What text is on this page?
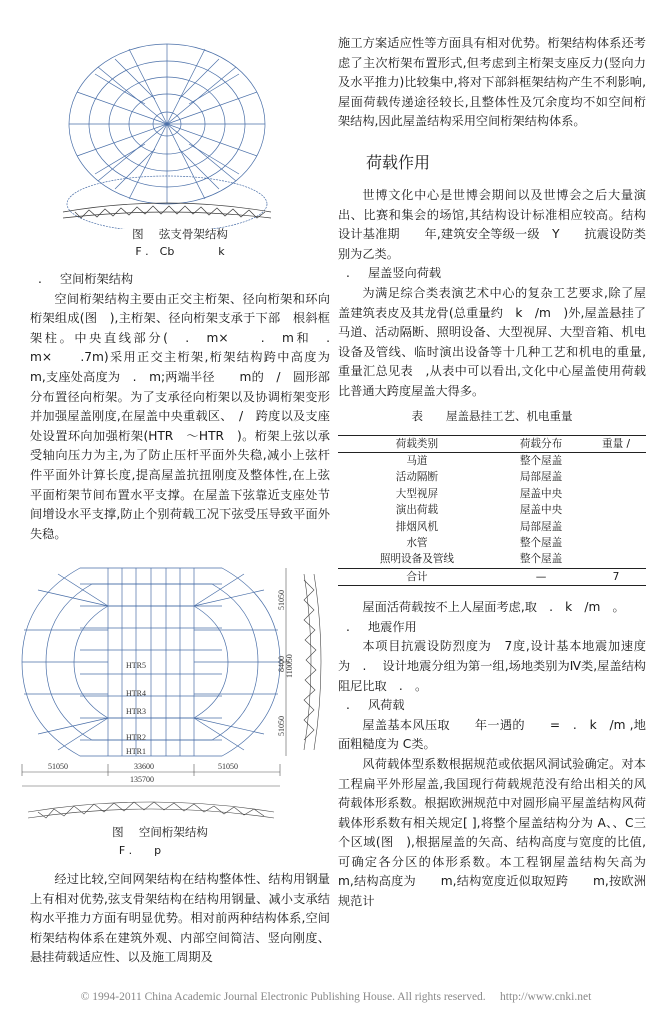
图　 弦支骨架结构
F .　Cb　　　　k

. 空间桁架结构

空间桁架结构主要由正交主桁架、径向桁架和环向桁架组成(图　),主桁架、径向桁架支承于下部　根斜框架柱。中央直线部分(　.　m×　　.　m和　.　m×　　.7m)采用正交主桁架,桁架结构跨中高度为　m,支座处高度为　.　m;两端半径　　m的　/　圆形部分布置径向桁架。为了支承径向桁架以及协调桁架变形并加强屋盖刚度,在屋盖中央重载区、　/　跨度以及支座处设置环向加强桁架(HTR　～HTR　)。桁架上弦以承受轴向压力为主,为了防止压杆平面外失稳,减小上弦杆件平面外计算长度,提高屋盖抗扭刚度及整体性,在上弦平面桁架节间布置水平支撑。在屋盖下弦靠近支座处节间增设水平支撑,防止个别荷载工况下弦受压导致平面外失稳。

HTR5
HTR4
HTR3
HTR2
HTR1
51050	33600	51050
135700
51050
8400 110050
51050
图　 空间桁架结构
F .　　p

经过比较,空间网架结构在结构整体性、结构用钢量上有相对优势,弦支骨架结构在结构用钢量、减小支承结构水平推力方面有明显优势。相对前两种结构体系,空间桁架结构体系在建筑外观、内部空间简洁、竖向刚度、悬挂荷载适应性、以及施工周期及

施工方案适应性等方面具有相对优势。桁架结构体系还考虑了主次桁架布置形式,但考虑到主桁架支座反力(竖向力及水平推力)比较集中,将对下部斜框架结构产生不利影响,屋面荷载传递途径较长,且整体性及冗余度均不如空间桁架结构,因此屋盖结构采用空间桁架结构体系。

荷载作用

世博文化中心是世博会期间以及世博会之后大量演出、比赛和集会的场馆,其结构设计标准相应较高。结构设计基准期　　年,建筑安全等级一级　Y　　抗震设防类别为乙类。

. 屋盖竖向荷载

为满足综合类表演艺术中心的复杂工艺要求,除了屋盖建筑表皮及其龙骨(总重量约　k　/m　)外,屋盖悬挂了马道、活动隔断、照明设备、大型视屏、大型音箱、机电设备及管线、临时演出设备等十几种工艺和机电的重量,重量汇总见表　,从表中可以看出,文化中心屋盖使用荷载比普通大跨度屋盖大得多。

表　　屋盖悬挂工艺、机电重量
荷载类别	荷载分布	重量 /
马道	整个屋盖	
活动隔断	局部屋盖	
大型视屏	屋盖中央	
演出荷载	屋盖中央	
排烟风机	局部屋盖	
水管	整个屋盖	
照明设备及管线	整个屋盖	
合计	—	7

屋面活荷载按不上人屋面考虑,取　.　k　/m　。

. 地震作用

本项目抗震设防烈度为　7度,设计基本地震加速度为　.　 设计地震分组为第一组,场地类别为Ⅳ类,屋盖结构阻尼比取　.　。

. 风荷载

屋盖基本风压取　　年一遇的　　=　.　k　/m ,地面粗糙度为 C类。

风荷载体型系数根据规范或依据风洞试验确定。对本工程扁平外形屋盖,我国现行荷载规范没有给出相关的风荷载体形系数。根据欧洲规范中对圆形扁平屋盖结构风荷载体形系数有相关规定[ ],将整个屋盖结构分为 A、、C三个区域(图　),根据屋盖的矢高、结构高度与宽度的比值,可确定各分区的体形系数。本工程钢屋盖结构矢高为　　m,结构高度为　　m,结构宽度近似取短跨　　m,按欧洲规范计

© 1994-2011 China Academic Journal Electronic Publishing House. All rights reserved.　 http://www.cnki.net
